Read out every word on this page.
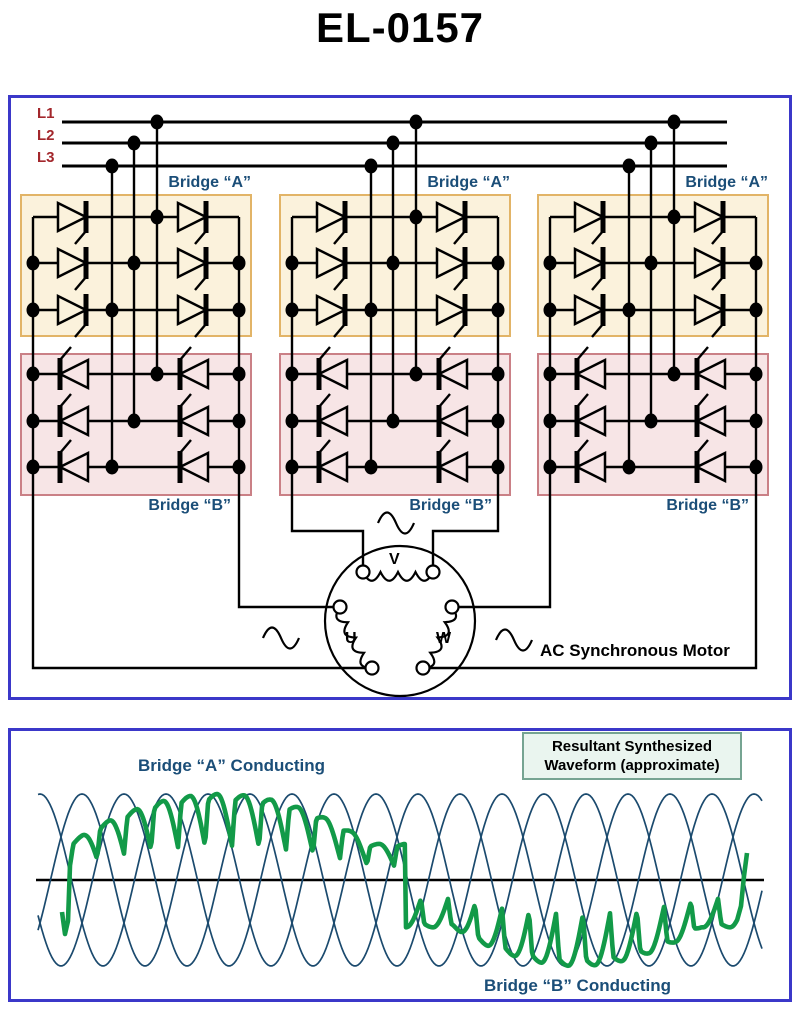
EL-0157
L1
L2
L3
Bridge “A”	Bridge “A”	Bridge “A”
Bridge “B”	Bridge “B”	Bridge “B”
V
U	W
AC Synchronous Motor
Bridge “A” Conducting
Bridge “B” Conducting
Resultant Synthesized
Waveform (approximate)
